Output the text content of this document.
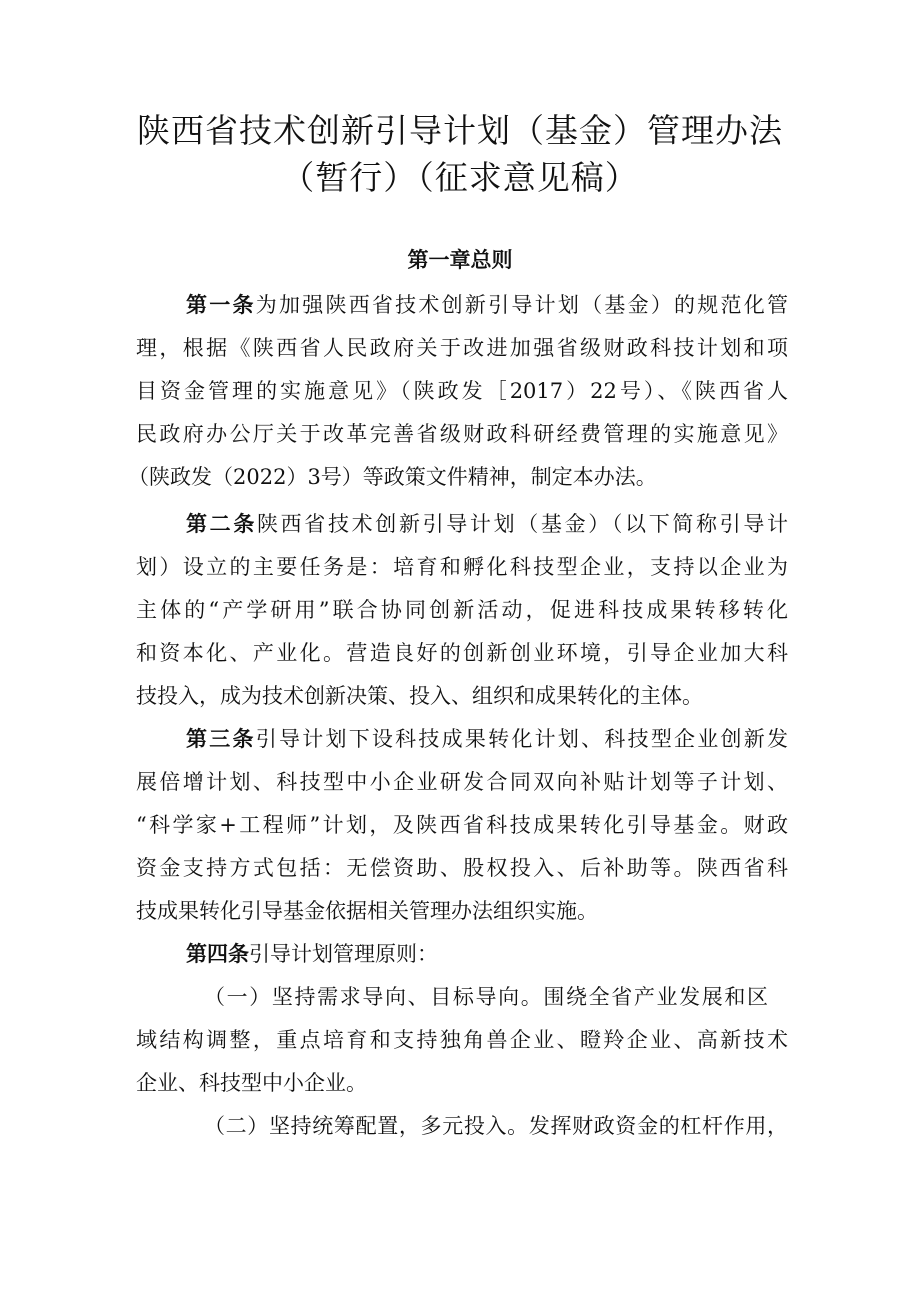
陕西省技术创新引导计划（基金）管理办法
（暂行）（征求意见稿）
第一章总则
第一条为加强陕西省技术创新引导计划（基金）的规范化管
理，根据《陕西省人民政府关于改进加强省级财政科技计划和项
目资金管理的实施意见》（陕政发［2017）22号）、《陕西省人
民政府办公厅关于改革完善省级财政科研经费管理的实施意见》
（陕政发（2022）3号）等政策文件精神，制定本办法。
第二条陕西省技术创新引导计划（基金）（以下简称引导计
划）设立的主要任务是：培育和孵化科技型企业，支持以企业为
主体的“产学研用”联合协同创新活动，促进科技成果转移转化
和资本化、产业化。营造良好的创新创业环境，引导企业加大科
技投入，成为技术创新决策、投入、组织和成果转化的主体。
第三条引导计划下设科技成果转化计划、科技型企业创新发
展倍增计划、科技型中小企业研发合同双向补贴计划等子计划、
“科学家+工程师”计划，及陕西省科技成果转化引导基金。财政
资金支持方式包括：无偿资助、股权投入、后补助等。陕西省科
技成果转化引导基金依据相关管理办法组织实施。
第四条引导计划管理原则：
（一）坚持需求导向、目标导向。围绕全省产业发展和区
域结构调整，重点培育和支持独角兽企业、瞪羚企业、高新技术
企业、科技型中小企业。
（二）坚持统筹配置，多元投入。发挥财政资金的杠杆作用，
